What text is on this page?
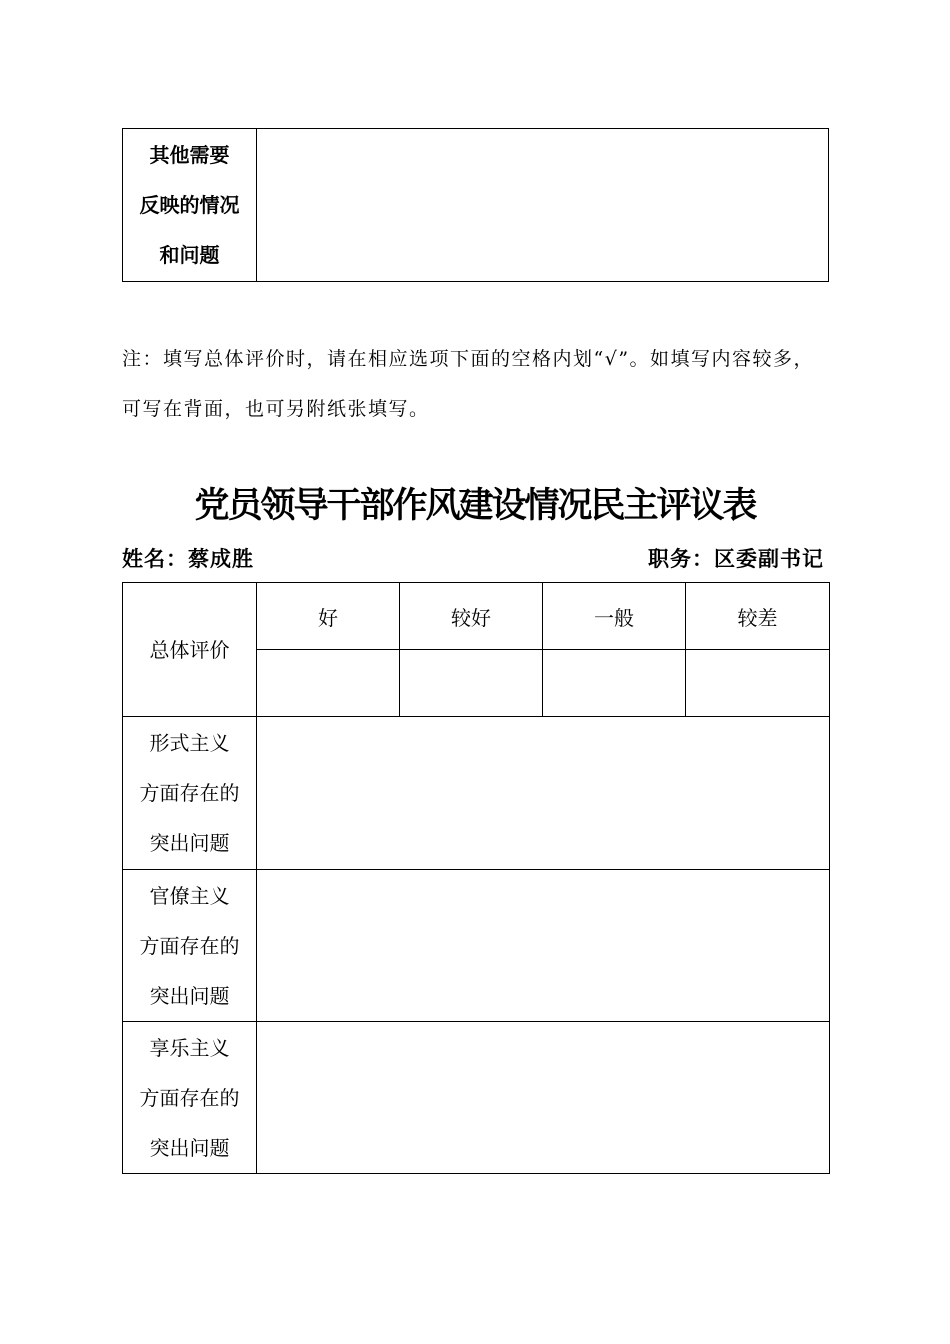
其他需要
反映的情况
和问题

注：填写总体评价时，请在相应选项下面的空格内划“√”。如填写内容较多，可写在背面，也可另附纸张填写。
党员领导干部作风建设情况民主评议表
姓名：蔡成胜	职务：区委副书记
总体评价	好	较好	一般	较差

形式主义
方面存在的
突出问题				

官僚主义
方面存在的
突出问题				

享乐主义
方面存在的
突出问题				
